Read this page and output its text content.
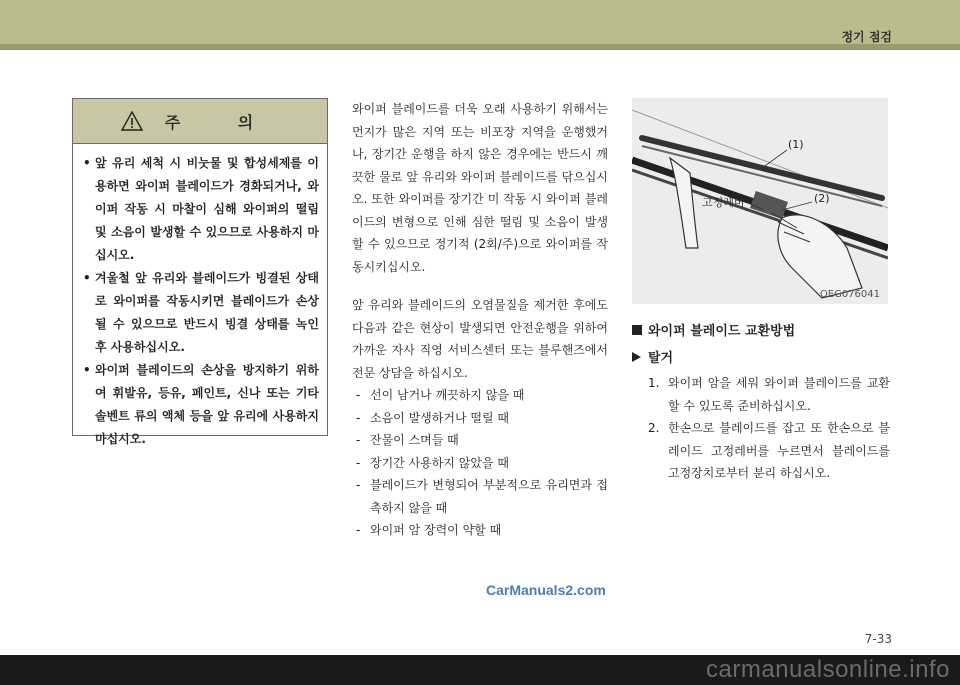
정기 점검
주 의
• 앞 유리 세척 시 비눗물 및 합성세제를 이용하면 와이퍼 블레이드가 경화되거나, 와이퍼 작동 시 마찰이 심해 와이퍼의 떨림 및 소음이 발생할 수 있으므로 사용하지 마십시오.
• 겨울철 앞 유리와 블레이드가 빙결된 상태로 와이퍼를 작동시키면 블레이드가 손상될 수 있으므로 반드시 빙결 상태를 녹인 후 사용하십시오.
• 와이퍼 블레이드의 손상을 방지하기 위하여 휘발유, 등유, 페인트, 신나 또는 기타 솔벤트 류의 액체 등을 앞 유리에 사용하지 마십시오.

와이퍼 블레이드를 더욱 오래 사용하기 위해서는 먼지가 많은 지역 또는 비포장 지역을 운행했거나, 장기간 운행을 하지 않은 경우에는 반드시 깨끗한 물로 앞 유리와 와이퍼 블레이드를 닦으십시오. 또한 와이퍼를 장기간 미 작동 시 와이퍼 블레이드의 변형으로 인해 심한 떨림 및 소음이 발생할 수 있으므로 정기적 (2회/주)으로 와이퍼를 작동시키십시오.

앞 유리와 블레이드의 오염물질을 제거한 후에도 다음과 같은 현상이 발생되면 안전운행을 위하여 가까운 자사 직영 서비스센터 또는 블루핸즈에서 전문 상담을 하십시오.

- 선이 남거나 깨끗하지 않을 때
- 소음이 발생하거나 떨릴 때
- 잔물이 스며들 때
- 장기간 사용하지 않았을 때
- 블레이드가 변형되어 부분적으로 유리면과 접촉하지 않을 때
- 와이퍼 암 장력이 약할 때
(1)
(2)
고정레버
OEG076041
와이퍼 블레이드 교환방법
탈거
1. 와이퍼 암을 세워 와이퍼 블레이드를 교환할 수 있도록 준비하십시오.
2. 한손으로 블레이드를 잡고 또 한손으로 블레이드 고정레버를 누르면서 블레이드를 고정장치로부터 분리 하십시오.
CarManuals2.com
7-33
carmanualsonline.info
